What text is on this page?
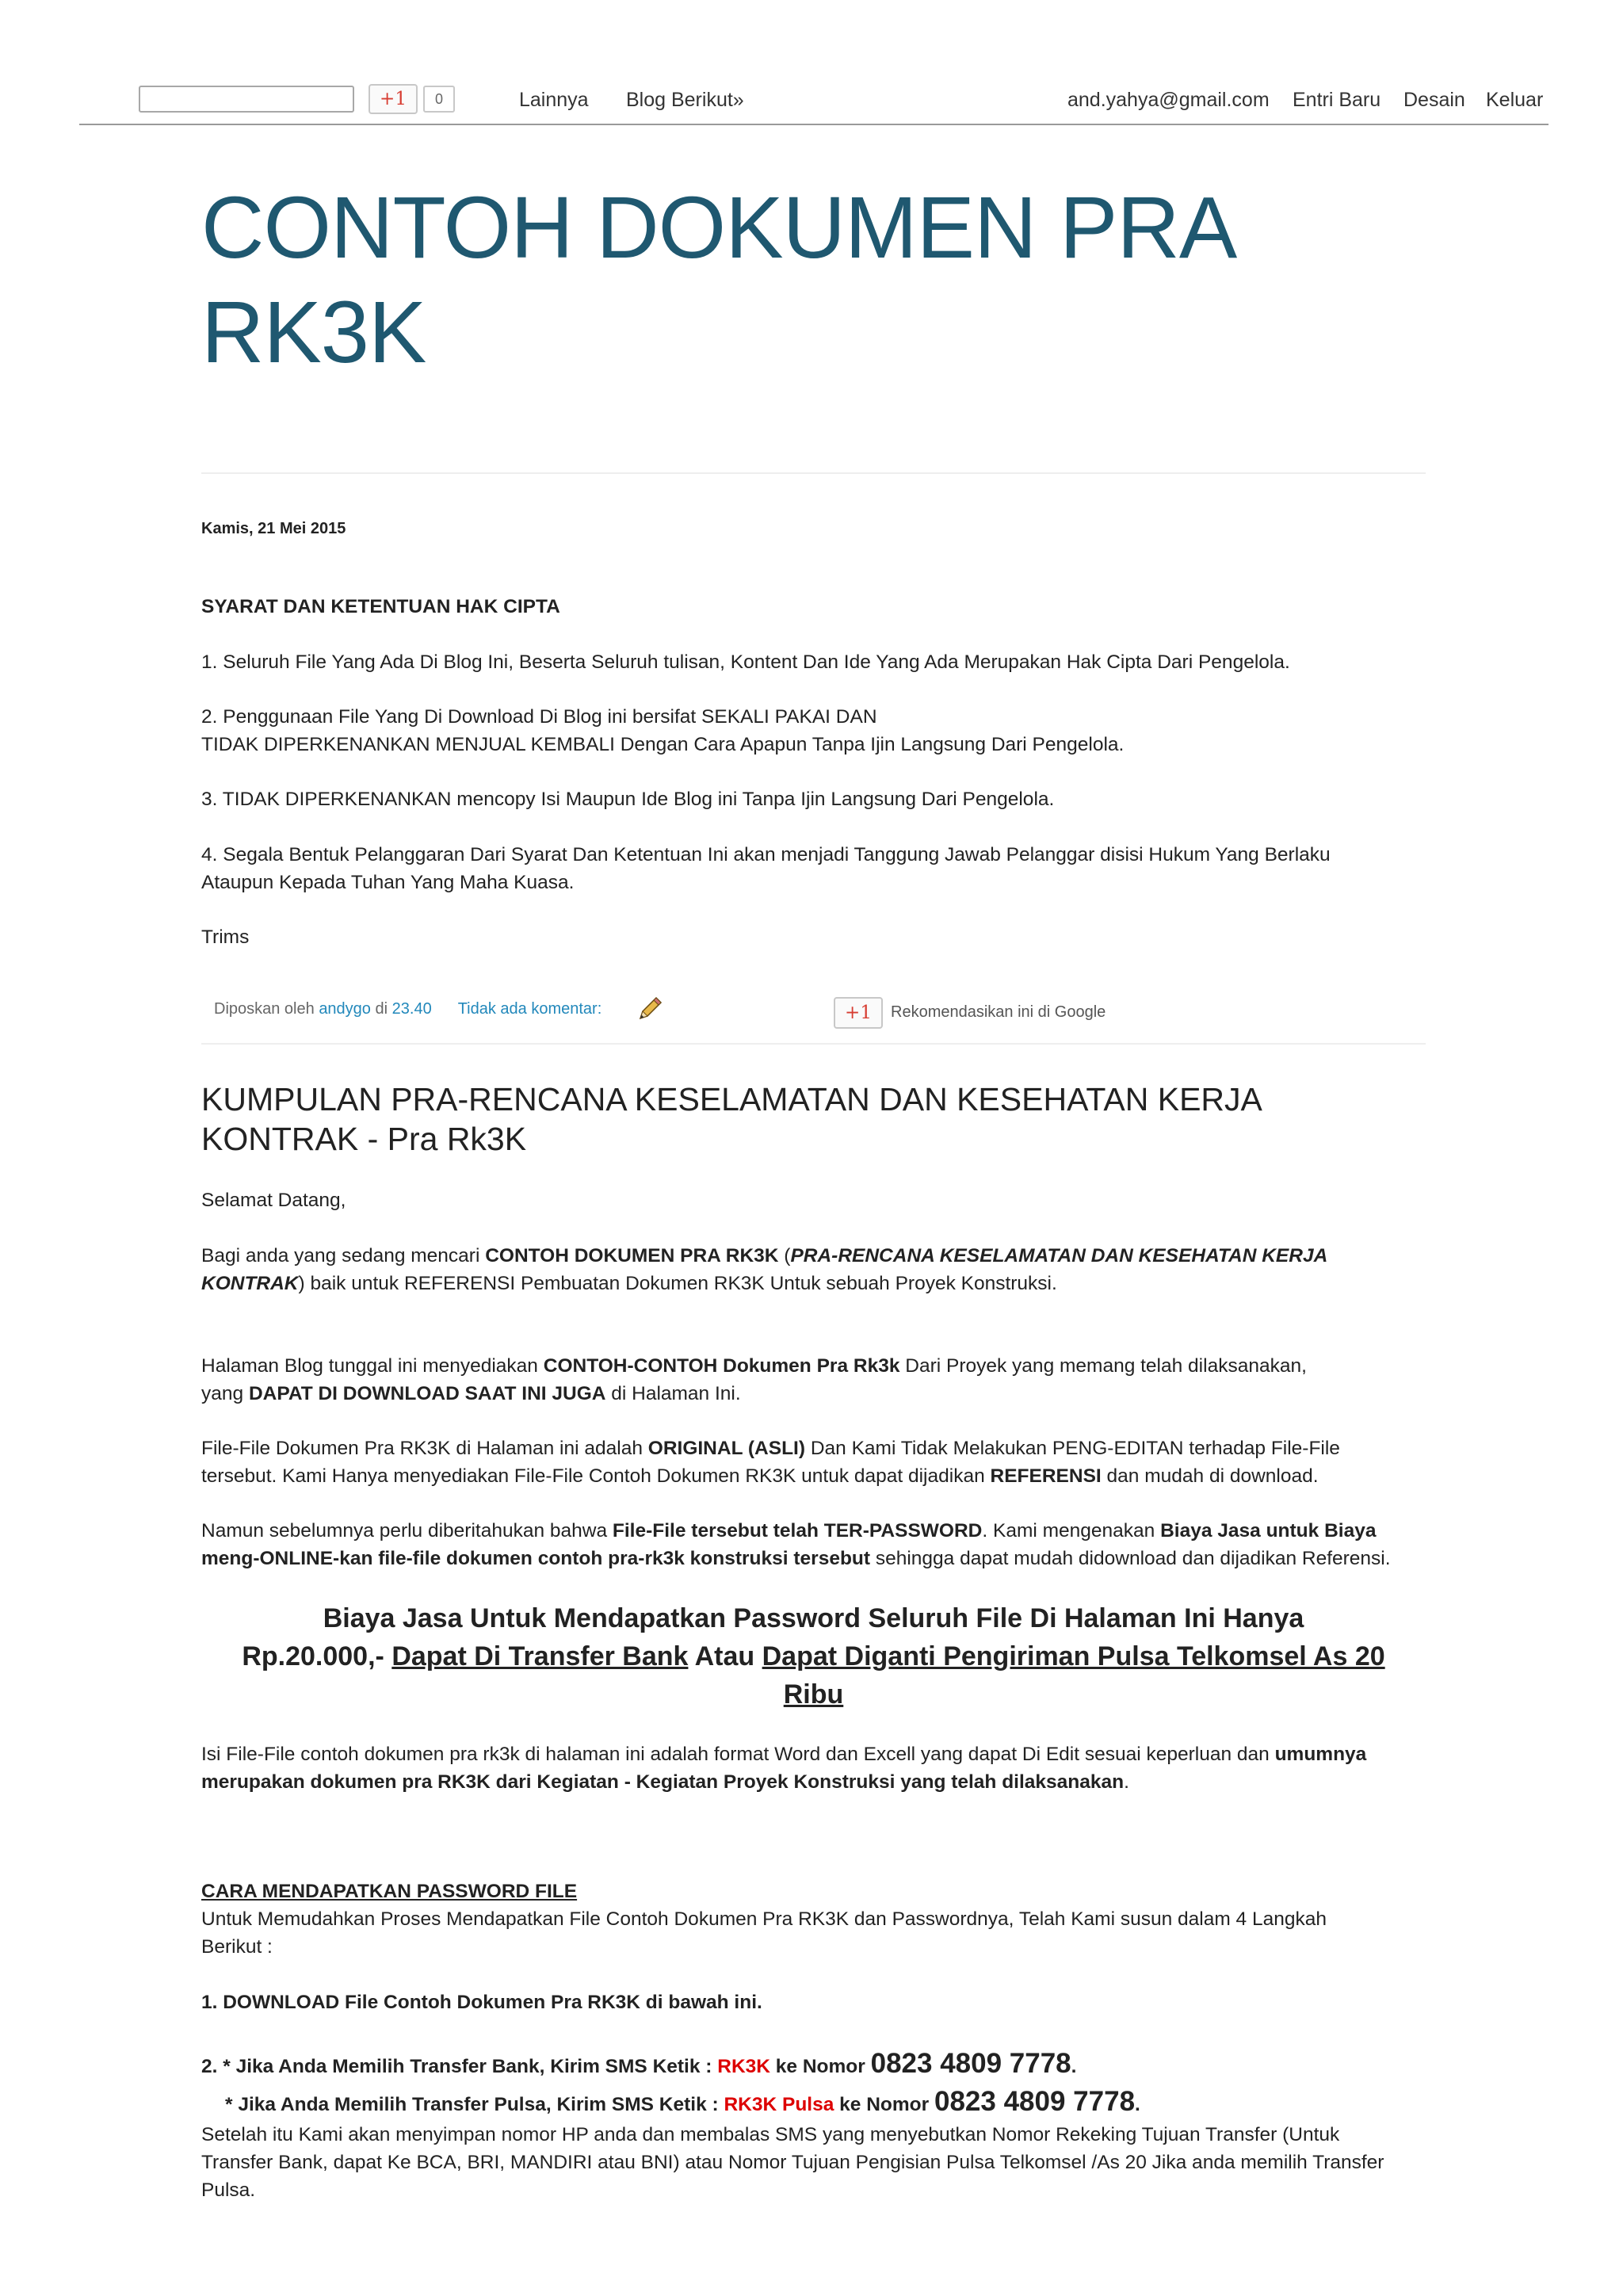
+1	0	Lainnya Blog Berikut»	and.yahya@gmail.com Entri Baru Desain Keluar
CONTOH DOKUMEN PRA
RK3K
Kamis, 21 Mei 2015
SYARAT DAN KETENTUAN HAK CIPTA
1. Seluruh File Yang Ada Di Blog Ini, Beserta Seluruh tulisan, Kontent Dan Ide Yang Ada Merupakan Hak Cipta Dari Pengelola.
2. Penggunaan File Yang Di Download Di Blog ini bersifat SEKALI PAKAI DAN
TIDAK DIPERKENANKAN MENJUAL KEMBALI Dengan Cara Apapun Tanpa Ijin Langsung Dari Pengelola.
3. TIDAK DIPERKENANKAN mencopy Isi Maupun Ide Blog ini Tanpa Ijin Langsung Dari Pengelola.
4. Segala Bentuk Pelanggaran Dari Syarat Dan Ketentuan Ini akan menjadi Tanggung Jawab Pelanggar disisi Hukum Yang Berlaku
Ataupun Kepada Tuhan Yang Maha Kuasa.
Trims
Diposkan oleh andygo di 23.40 Tidak ada komentar:	+1	Rekomendasikan ini di Google
KUMPULAN PRA-RENCANA KESELAMATAN DAN KESEHATAN KERJA
KONTRAK - Pra Rk3K
Selamat Datang,
Bagi anda yang sedang mencari CONTOH DOKUMEN PRA RK3K (PRA-RENCANA KESELAMATAN DAN KESEHATAN KERJA
KONTRAK) baik untuk REFERENSI Pembuatan Dokumen RK3K Untuk sebuah Proyek Konstruksi.
Halaman Blog tunggal ini menyediakan CONTOH-CONTOH Dokumen Pra Rk3k Dari Proyek yang memang telah dilaksanakan,
yang DAPAT DI DOWNLOAD SAAT INI JUGA di Halaman Ini.
File-File Dokumen Pra RK3K di Halaman ini adalah ORIGINAL (ASLI) Dan Kami Tidak Melakukan PENG-EDITAN terhadap File-File
tersebut. Kami Hanya menyediakan File-File Contoh Dokumen RK3K untuk dapat dijadikan REFERENSI dan mudah di download.
Namun sebelumnya perlu diberitahukan bahwa File-File tersebut telah TER-PASSWORD. Kami mengenakan Biaya Jasa untuk Biaya
meng-ONLINE-kan file-file dokumen contoh pra-rk3k konstruksi tersebut sehingga dapat mudah didownload dan dijadikan Referensi.
Biaya Jasa Untuk Mendapatkan Password Seluruh File Di Halaman Ini Hanya
Rp.20.000,- Dapat Di Transfer Bank Atau Dapat Diganti Pengiriman Pulsa Telkomsel As 20
Ribu
Isi File-File contoh dokumen pra rk3k di halaman ini adalah format Word dan Excell yang dapat Di Edit sesuai keperluan dan umumnya
merupakan dokumen pra RK3K dari Kegiatan - Kegiatan Proyek Konstruksi yang telah dilaksanakan.
CARA MENDAPATKAN PASSWORD FILE
Untuk Memudahkan Proses Mendapatkan File Contoh Dokumen Pra RK3K dan Passwordnya, Telah Kami susun dalam 4 Langkah
Berikut :
1. DOWNLOAD File Contoh Dokumen Pra RK3K di bawah ini.
2. * Jika Anda Memilih Transfer Bank, Kirim SMS Ketik : RK3K ke Nomor 0823 4809 7778.
* Jika Anda Memilih Transfer Pulsa, Kirim SMS Ketik : RK3K Pulsa ke Nomor 0823 4809 7778.
Setelah itu Kami akan menyimpan nomor HP anda dan membalas SMS yang menyebutkan Nomor Rekeking Tujuan Transfer (Untuk
Transfer Bank, dapat Ke BCA, BRI, MANDIRI atau BNI) atau Nomor Tujuan Pengisian Pulsa Telkomsel /As 20 Jika anda memilih Transfer
Pulsa.
